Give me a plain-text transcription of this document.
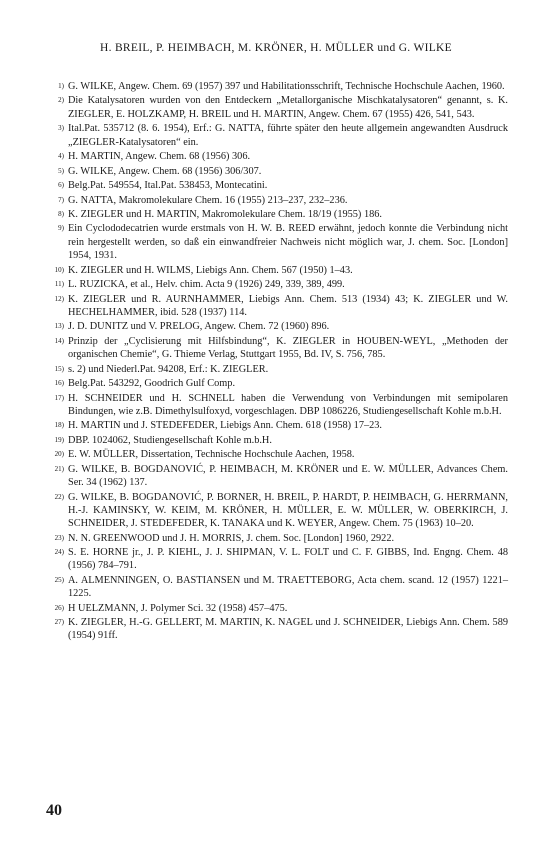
H. BREIL, P. HEIMBACH, M. KRÖNER, H. MÜLLER und G. WILKE
1) G. WILKE, Angew. Chem. 69 (1957) 397 und Habilitationsschrift, Technische Hochschule Aachen, 1960.
2) Die Katalysatoren wurden von den Entdeckern „Metallorganische Mischkatalysatoren“ genannt, s. K. ZIEGLER, E. HOLZKAMP, H. BREIL und H. MARTIN, Angew. Chem. 67 (1955) 426, 541, 543.
3) Ital.Pat. 535712 (8. 6. 1954), Erf.: G. NATTA, führte später den heute allgemein angewandten Ausdruck „ZIEGLER-Katalysatoren“ ein.
4) H. MARTIN, Angew. Chem. 68 (1956) 306.
5) G. WILKE, Angew. Chem. 68 (1956) 306/307.
6) Belg.Pat. 549554, Ital.Pat. 538453, Montecatini.
7) G. NATTA, Makromolekulare Chem. 16 (1955) 213–237, 232–236.
8) K. ZIEGLER und H. MARTIN, Makromolekulare Chem. 18/19 (1955) 186.
9) Ein Cyclododecatrien wurde erstmals von H. W. B. REED erwähnt, jedoch konnte die Verbindung nicht rein hergestellt werden, so daß ein einwandfreier Nachweis nicht möglich war, J. chem. Soc. [London] 1954, 1931.
10) K. ZIEGLER und H. WILMS, Liebigs Ann. Chem. 567 (1950) 1–43.
11) L. RUZICKA, et al., Helv. chim. Acta 9 (1926) 249, 339, 389, 499.
12) K. ZIEGLER und R. AURNHAMMER, Liebigs Ann. Chem. 513 (1934) 43; K. ZIEGLER und W. HECHELHAMMER, ibid. 528 (1937) 114.
13) J. D. DUNITZ und V. PRELOG, Angew. Chem. 72 (1960) 896.
14) Prinzip der „Cyclisierung mit Hilfsbindung“, K. ZIEGLER in HOUBEN-WEYL, „Methoden der organischen Chemie“, G. Thieme Verlag, Stuttgart 1955, Bd. IV, S. 756, 785.
15) s. 2) und Niederl.Pat. 94208, Erf.: K. ZIEGLER.
16) Belg.Pat. 543292, Goodrich Gulf Comp.
17) H. SCHNEIDER und H. SCHNELL haben die Verwendung von Verbindungen mit semipolaren Bindungen, wie z.B. Dimethylsulfoxyd, vorgeschlagen. DBP 1086226, Studiengesellschaft Kohle m.b.H.
18) H. MARTIN und J. STEDEFEDER, Liebigs Ann. Chem. 618 (1958) 17–23.
19) DBP. 1024062, Studiengesellschaft Kohle m.b.H.
20) E. W. MÜLLER, Dissertation, Technische Hochschule Aachen, 1958.
21) G. WILKE, B. BOGDANOVIĆ, P. HEIMBACH, M. KRÖNER und E. W. MÜLLER, Advances Chem. Ser. 34 (1962) 137.
22) G. WILKE, B. BOGDANOVIĆ, P. BORNER, H. BREIL, P. HARDT, P. HEIMBACH, G. HERRMANN, H.-J. KAMINSKY, W. KEIM, M. KRÖNER, H. MÜLLER, E. W. MÜLLER, W. OBERKIRCH, J. SCHNEIDER, J. STEDEFEDER, K. TANAKA und K. WEYER, Angew. Chem. 75 (1963) 10–20.
23) N. N. GREENWOOD und J. H. MORRIS, J. chem. Soc. [London] 1960, 2922.
24) S. E. HORNE jr., J. P. KIEHL, J. J. SHIPMAN, V. L. FOLT und C. F. GIBBS, Ind. Engng. Chem. 48 (1956) 784–791.
25) A. ALMENNINGEN, O. BASTIANSEN und M. TRAETTEBORG, Acta chem. scand. 12 (1957) 1221–1225.
26) H UELZMANN, J. Polymer Sci. 32 (1958) 457–475.
27) K. ZIEGLER, H.-G. GELLERT, M. MARTIN, K. NAGEL und J. SCHNEIDER, Liebigs Ann. Chem. 589 (1954) 91ff.
40
